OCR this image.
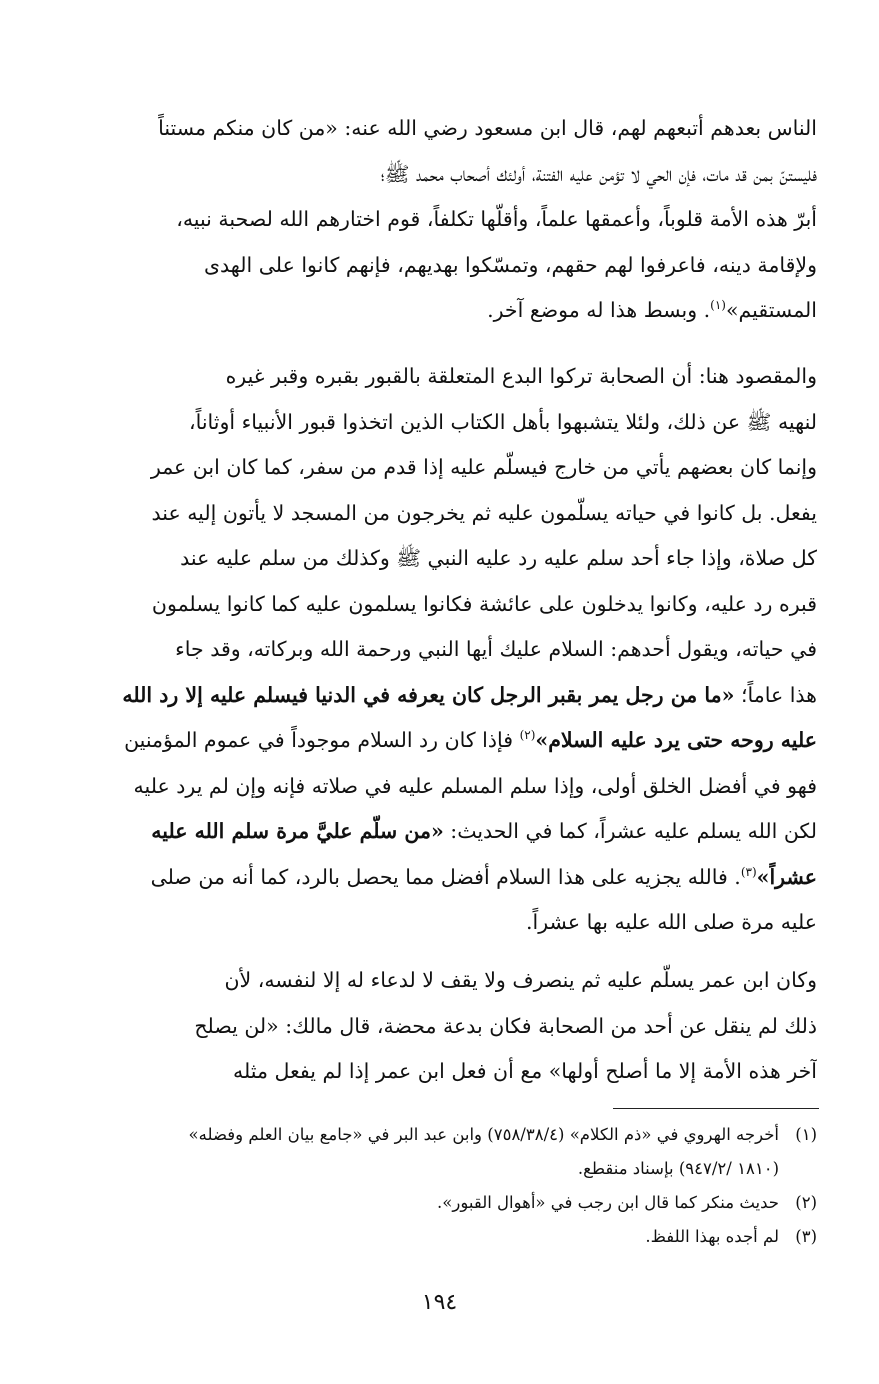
الناس بعدهم أتبعهم لهم، قال ابن مسعود رضي الله عنه: «من كان منكم مستناً
فليستنّ بمن قد مات، فإن الحي لا تؤمن عليه الفتنة، أولئك أصحاب محمد ﷺ؛
أبرّ هذه الأمة قلوباً، وأعمقها علماً، وأقلّها تكلفاً، قوم اختارهم الله لصحبة نبيه،
ولإقامة دينه، فاعرفوا لهم حقهم، وتمسّكوا بهديهم، فإنهم كانوا على الهدى
المستقيم»$^{(١)}$. وبسط هذا له موضع آخر.
والمقصود هنا: أن الصحابة تركوا البدع المتعلقة بالقبور بقبره وقبر غيره
لنهيه ﷺ عن ذلك، ولئلا يتشبهوا بأهل الكتاب الذين اتخذوا قبور الأنبياء أوثاناً،
وإنما كان بعضهم يأتي من خارج فيسلّم عليه إذا قدم من سفر، كما كان ابن عمر
يفعل. بل كانوا في حياته يسلّمون عليه ثم يخرجون من المسجد لا يأتون إليه عند
كل صلاة، وإذا جاء أحد سلم عليه رد عليه النبي ﷺ وكذلك من سلم عليه عند
قبره رد عليه، وكانوا يدخلون على عائشة فكانوا يسلمون عليه كما كانوا يسلمون
في حياته، ويقول أحدهم: السلام عليك أيها النبي ورحمة الله وبركاته، وقد جاء
هذا عاماً؛ «ما من رجل يمر بقبر الرجل كان يعرفه في الدنيا فيسلم عليه إلا رد الله
عليه روحه حتى يرد عليه السلام»$^{(٢)}$ فإذا كان رد السلام موجوداً في عموم المؤمنين
فهو في أفضل الخلق أولى، وإذا سلم المسلم عليه في صلاته فإنه وإن لم يرد عليه
لكن الله يسلم عليه عشراً، كما في الحديث: «من سلّم عليَّ مرة سلم الله عليه
عشراً»$^{(٣)}$. فالله يجزيه على هذا السلام أفضل مما يحصل بالرد، كما أنه من صلى
عليه مرة صلى الله عليه بها عشراً.
وكان ابن عمر يسلّم عليه ثم ينصرف ولا يقف لا لدعاء له إلا لنفسه، لأن
ذلك لم ينقل عن أحد من الصحابة فكان بدعة محضة، قال مالك: «لن يصلح
آخر هذه الأمة إلا ما أصلح أولها» مع أن فعل ابن عمر إذا لم يفعل مثله
(١)أخرجه الهروي في «ذم الكلام» (٧٥٨/٣٨/٤) وابن عبد البر في «جامع بيان العلم وفضله»
(١٨١٠ /٩٤٧/٢) بإسناد منقطع.
(٢)حديث منكر كما قال ابن رجب في «أهوال القبور».
(٣)لم أجده بهذا اللفظ.
١٩٤
